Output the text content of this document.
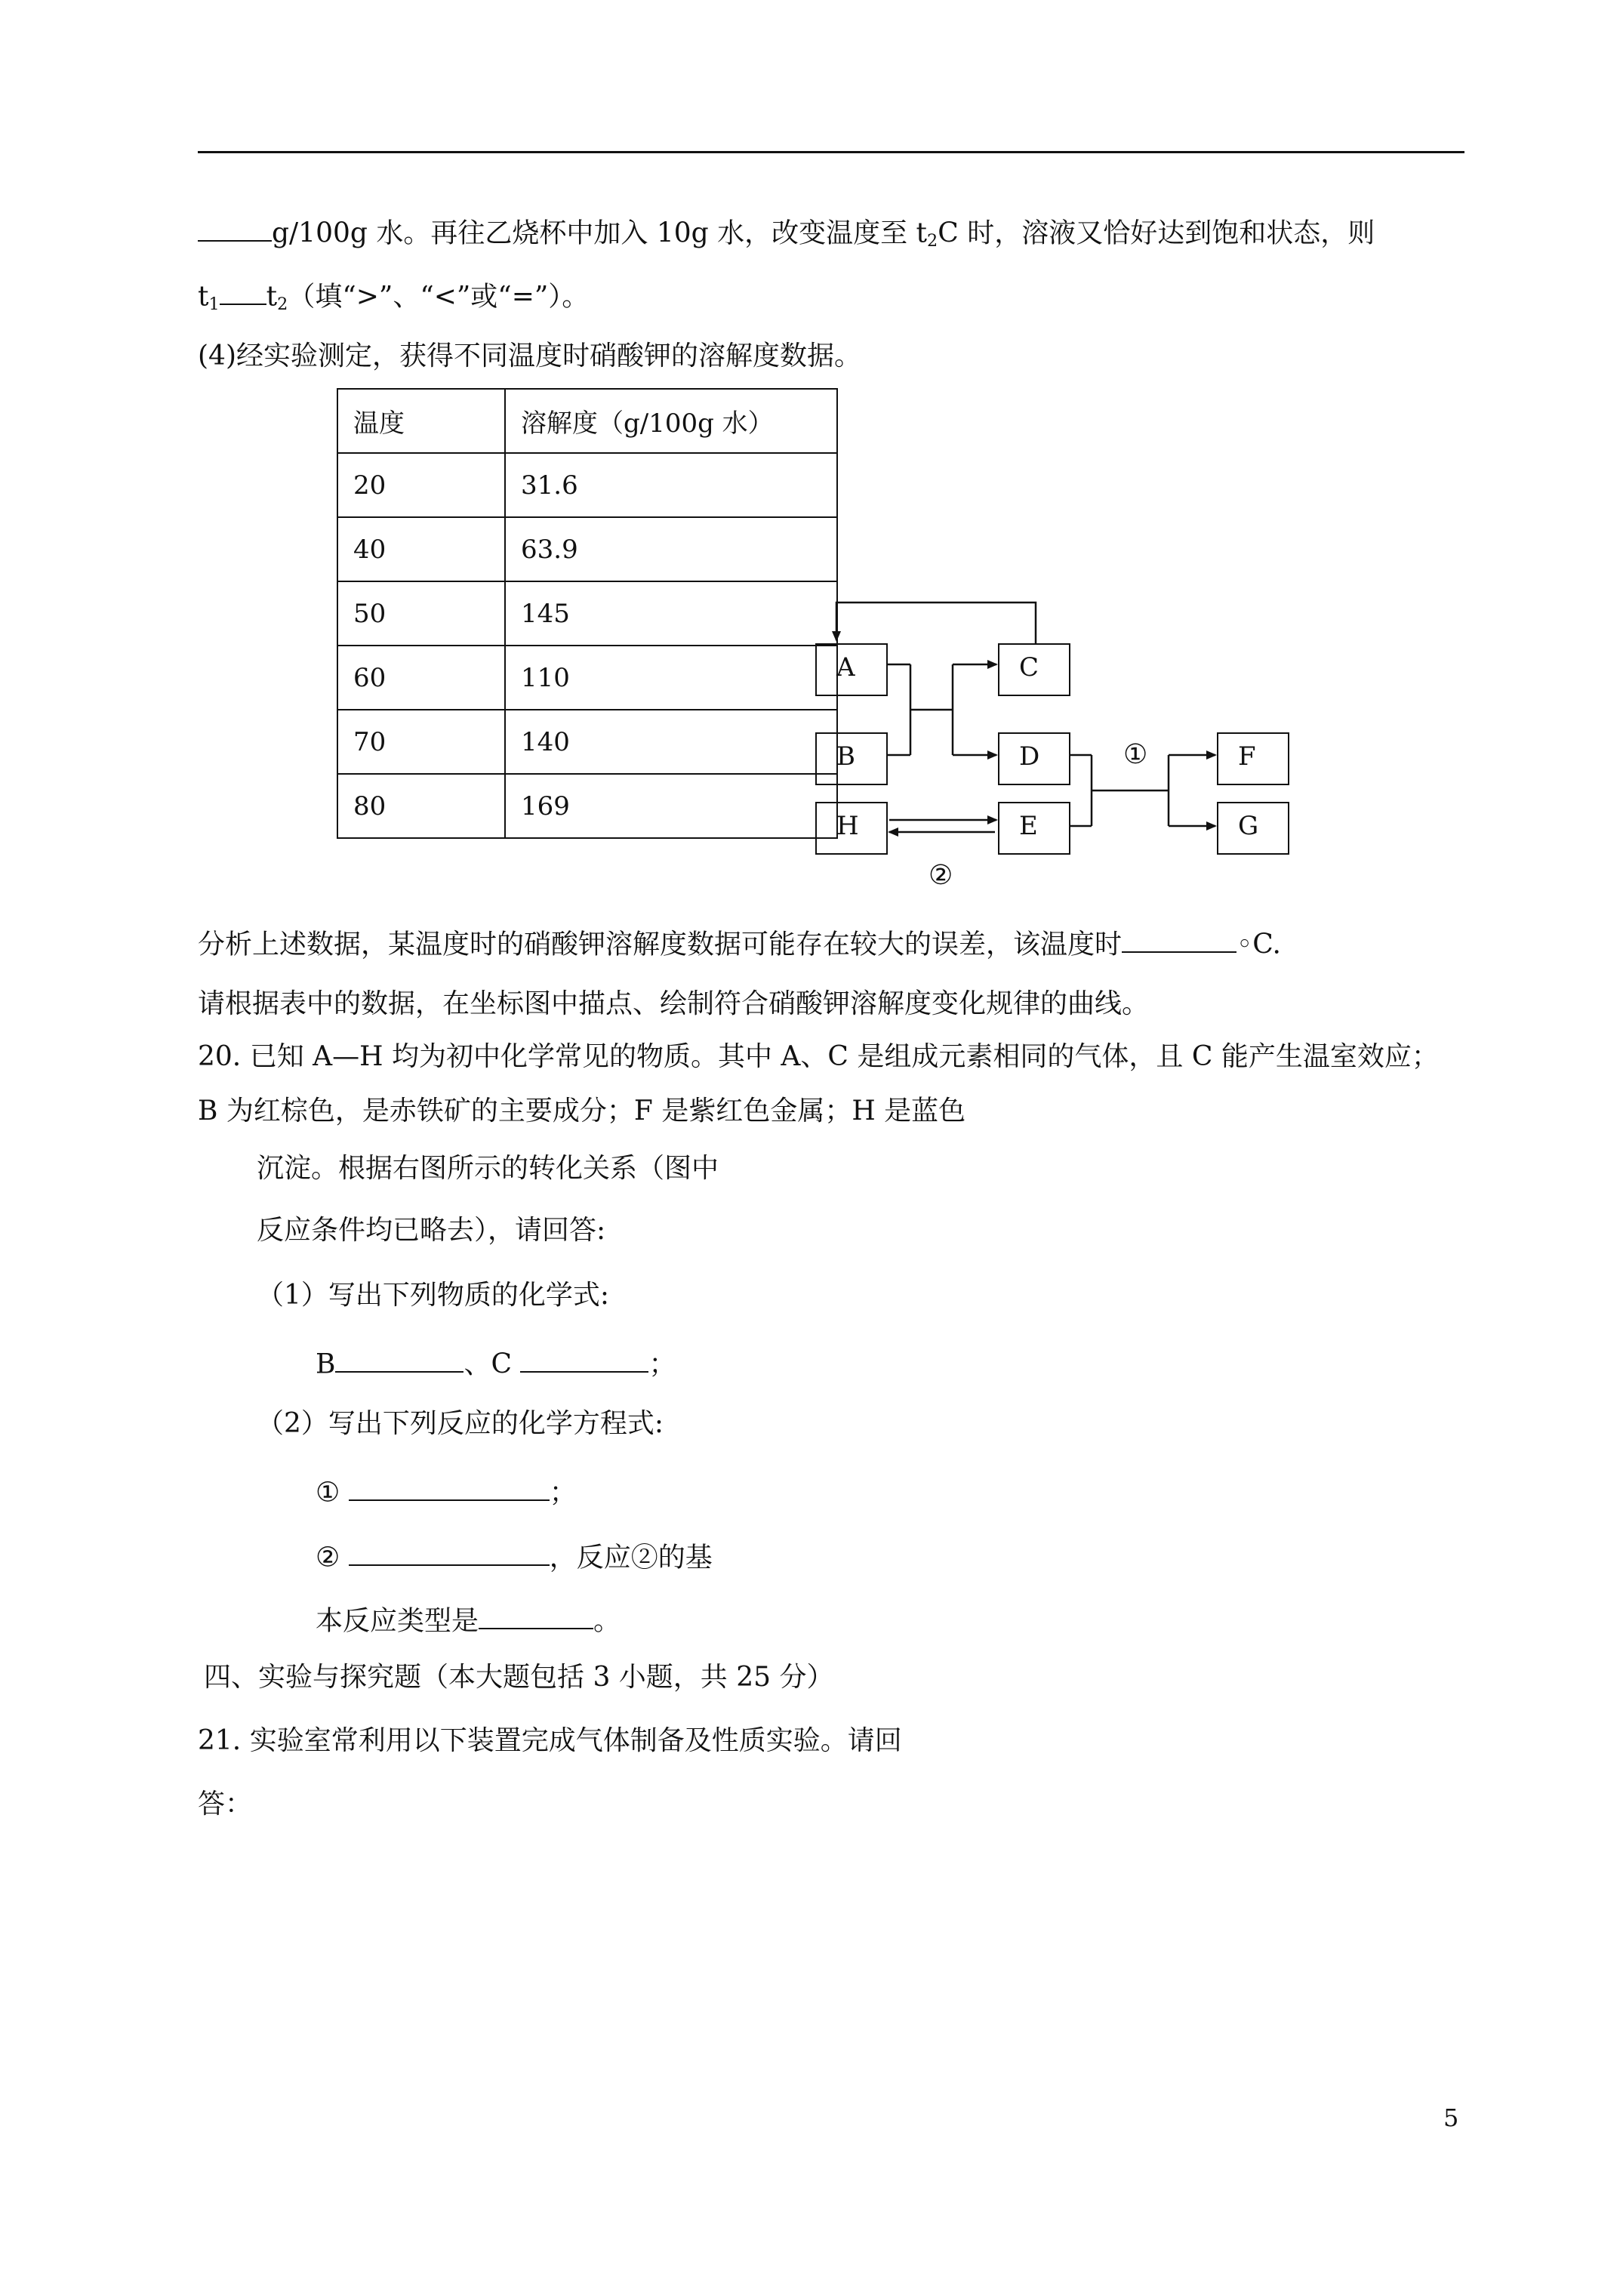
g/100g 水。再往乙烧杯中加入 10g 水，改变温度至 $t_2C$ 时，溶液又恰好达到饱和状态，则
$t_1$ $t_2$（填“>”、“<”或“=”）。
(4)经实验测定，获得不同温度时硝酸钾的溶解度数据。
温度	溶解度（g/100g 水）
20	31.6
40	63.9
50	145
60	110
70	140
80	169
分析上述数据，某温度时的硝酸钾溶解度数据可能存在较大的误差，该温度时	◦C.
请根据表中的数据，在坐标图中描点、绘制符合硝酸钾溶解度变化规律的曲线。
20. 已知 A—H 均为初中化学常见的物质。其中 A、C 是组成元素相同的气体，且 C 能产生温室效应；
B 为红棕色，是赤铁矿的主要成分；F 是紫红色金属；H 是蓝色
沉淀。根据右图所示的转化关系（图中
反应条件均已略去），请回答:
（1）写出下列物质的化学式:
B	、C	；
（2）写出下列反应的化学方程式:
①	；
②	，反应②的基
本反应类型是	。
A
B
C
D
H	E
F
G
①
②
四、实验与探究题（本大题包括 3 小题，共 25 分）
21. 实验室常利用以下装置完成气体制备及性质实验。请回
答：
5
